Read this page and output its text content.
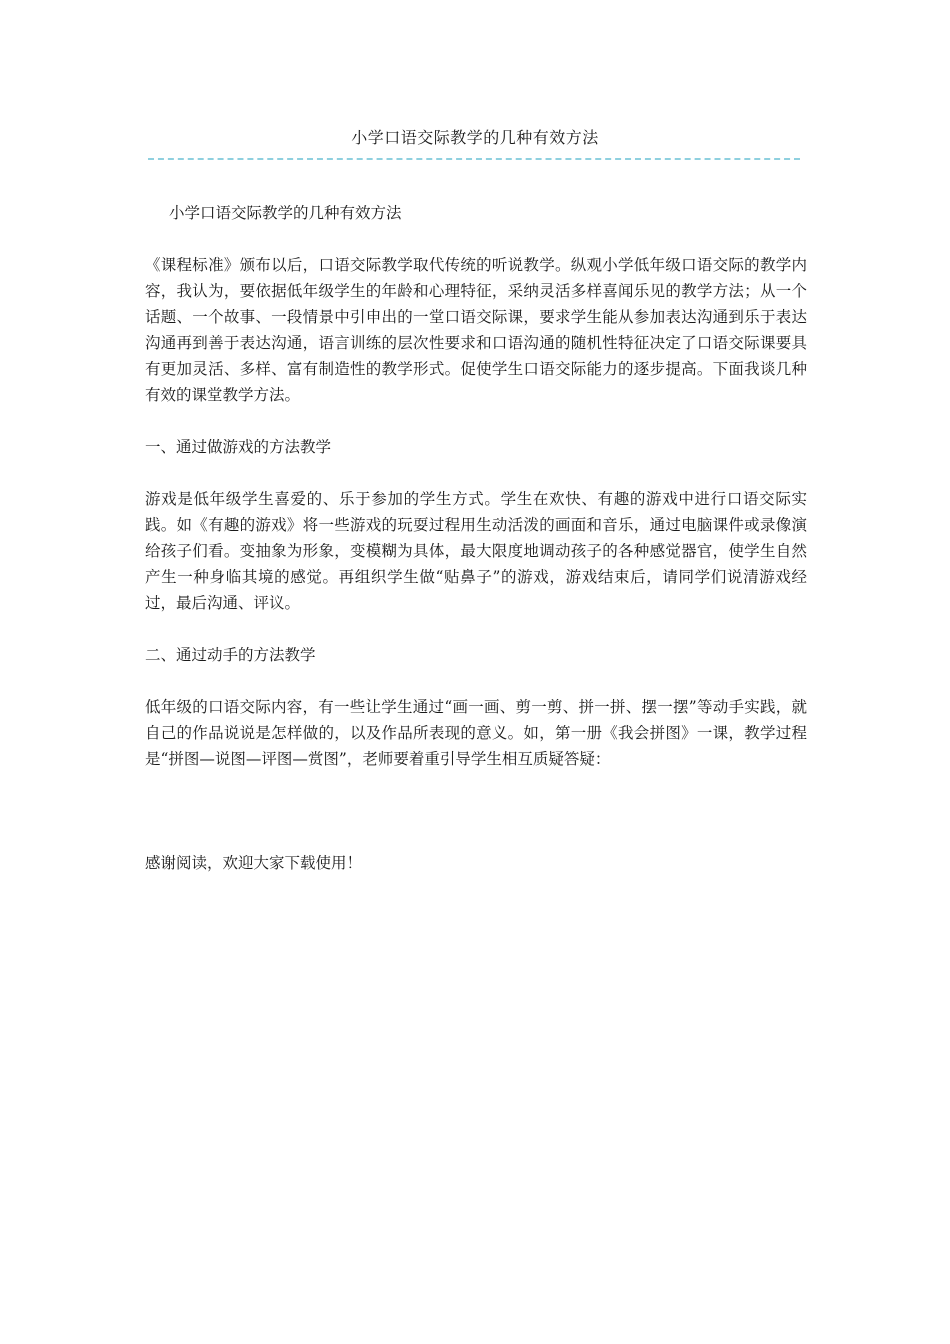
小学口语交际教学的几种有效方法

小学口语交际教学的几种有效方法

《课程标准》颁布以后，口语交际教学取代传统的听说教学。纵观小学低年级口语交际的教学内容，我认为，要依据低年级学生的年龄和心理特征，采纳灵活多样喜闻乐见的教学方法；从一个话题、一个故事、一段情景中引申出的一堂口语交际课，要求学生能从参加表达沟通到乐于表达沟通再到善于表达沟通，语言训练的层次性要求和口语沟通的随机性特征决定了口语交际课要具有更加灵活、多样、富有制造性的教学形式。促使学生口语交际能力的逐步提高。下面我谈几种有效的课堂教学方法。

一、通过做游戏的方法教学

游戏是低年级学生喜爱的、乐于参加的学生方式。学生在欢快、有趣的游戏中进行口语交际实践。如《有趣的游戏》将一些游戏的玩耍过程用生动活泼的画面和音乐，通过电脑课件或录像演给孩子们看。变抽象为形象，变模糊为具体，最大限度地调动孩子的各种感觉器官，使学生自然产生一种身临其境的感觉。再组织学生做“贴鼻子”的游戏，游戏结束后，请同学们说清游戏经过，最后沟通、评议。

二、通过动手的方法教学

低年级的口语交际内容，有一些让学生通过“画一画、剪一剪、拼一拼、摆一摆”等动手实践，就自己的作品说说是怎样做的，以及作品所表现的意义。如，第一册《我会拼图》一课，教学过程是“拼图—说图—评图—赏图”，老师要着重引导学生相互质疑答疑：

感谢阅读，欢迎大家下载使用！
